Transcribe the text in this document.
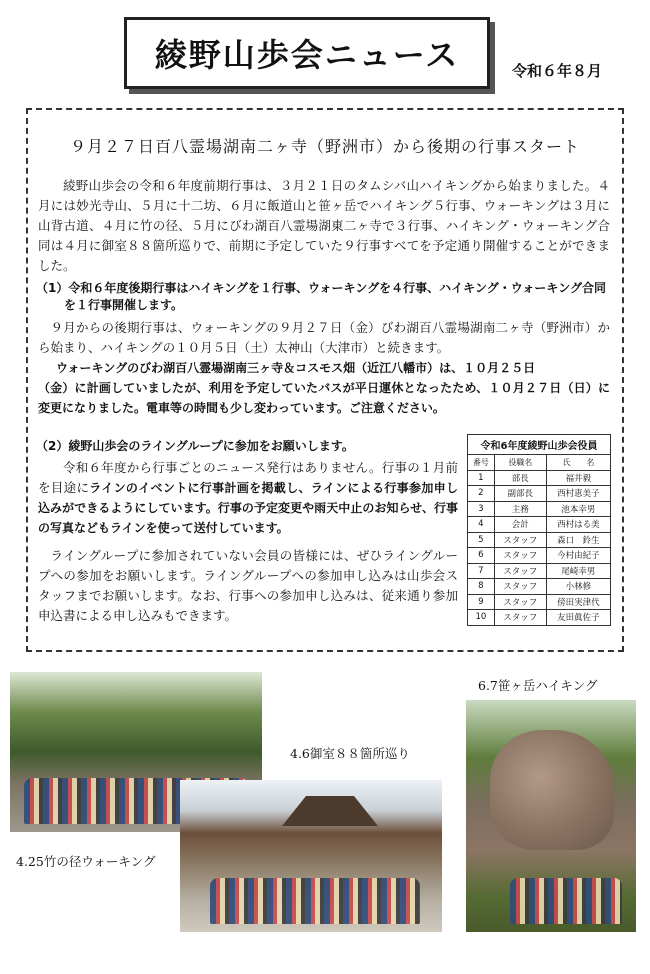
綾野山歩会ニュース	令和６年８月
９月２７日百八霊場湖南二ヶ寺（野洲市）から後期の行事スタート
綾野山歩会の令和６年度前期行事は、３月２１日のタムシバ山ハイキングから始まりました。４月には妙光寺山、５月に十二坊、６月に飯道山と笹ヶ岳でハイキング５行事、ウォーキングは３月に山背古道、４月に竹の径、５月にびわ湖百八霊場湖東二ヶ寺で３行事、ハイキング・ウォーキング合同は４月に御室８８箇所巡りで、前期に予定していた９行事すべてを予定通り開催することができました。
（1）令和６年度後期行事はハイキングを１行事、ウォーキングを４行事、ハイキング・ウォーキング合同を１行事開催します。
９月からの後期行事は、ウォーキングの９月２７日（金）びわ湖百八霊場湖南二ヶ寺（野洲市）から始まり、ハイキングの１０月５日（土）太神山（大津市）と続きます。
ウォーキングのびわ湖百八霊場湖南三ヶ寺＆コスモス畑（近江八幡市）は、１０月２５日
（金）に計画していましたが、利用を予定していたバスが平日運休となったため、１０月２７日（日）に変更になりました。電車等の時間も少し変わっています。ご注意ください。
（2）綾野山歩会のライングループに参加をお願いします。
令和６年度から行事ごとのニュース発行はありません。行事の１月前を目途にラインのイベントに行事計画を掲載し、ラインによる行事参加申し込みができるようにしています。行事の予定変更や雨天中止のお知らせ、行事の写真などもラインを使って送付しています。
ライングループに参加されていない会員の皆様には、ぜひライングループへの参加をお願いします。ライングループへの参加申し込みは山歩会スタッフまでお願いします。なお、行事への参加申し込みは、従来通り参加申込書による申し込みもできます。
令和6年度綾野山歩会役員
番号	役職名	氏　　名
1	部長	福井毅
2	副部長	西村恵美子
3	主務	池本幸男
4	会計	西村はる美
5	スタッフ	森口　鈴生
6	スタッフ	今村由紀子
7	スタッフ	尾崎幸男
8	スタッフ	小林修
9	スタッフ	傍田実津代
10	スタッフ	友田眞佐子
6.7笹ヶ岳ハイキング
4.6御室８８箇所巡り
4.25竹の径ウォーキング
